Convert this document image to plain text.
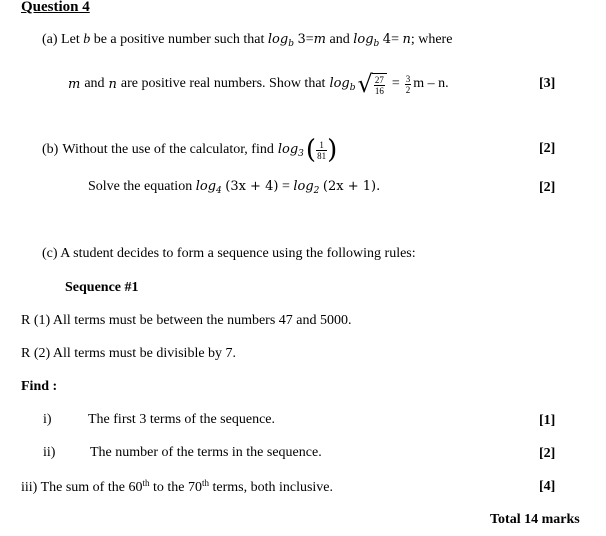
Question 4
(a) Let b be a positive number such that $\log_b 3=m$ and $\log_b 4= n$; where
m and n are positive real numbers. Show that $\log_b$ √ $\frac{27}{16} = \frac{3}{2}$ m – n.	[3]
(b) Without the use of the calculator, find $\log_3$ ( $\frac{1}{81}$ )	[2]
Solve the equation $\log_4 (3x + 4) = \log_2 (2x + 1)$.	[2]
(c) A student decides to form a sequence using the following rules:
Sequence #1
R (1) All terms must be between the numbers 47 and 5000.
R (2) All terms must be divisible by 7.
Find :
i)	The first 3 terms of the sequence.	[1]
ii) The number of the terms in the sequence.	[2]
iii) The sum of the 60th to the 70th terms, both inclusive.	[4]
Total 14 marks
